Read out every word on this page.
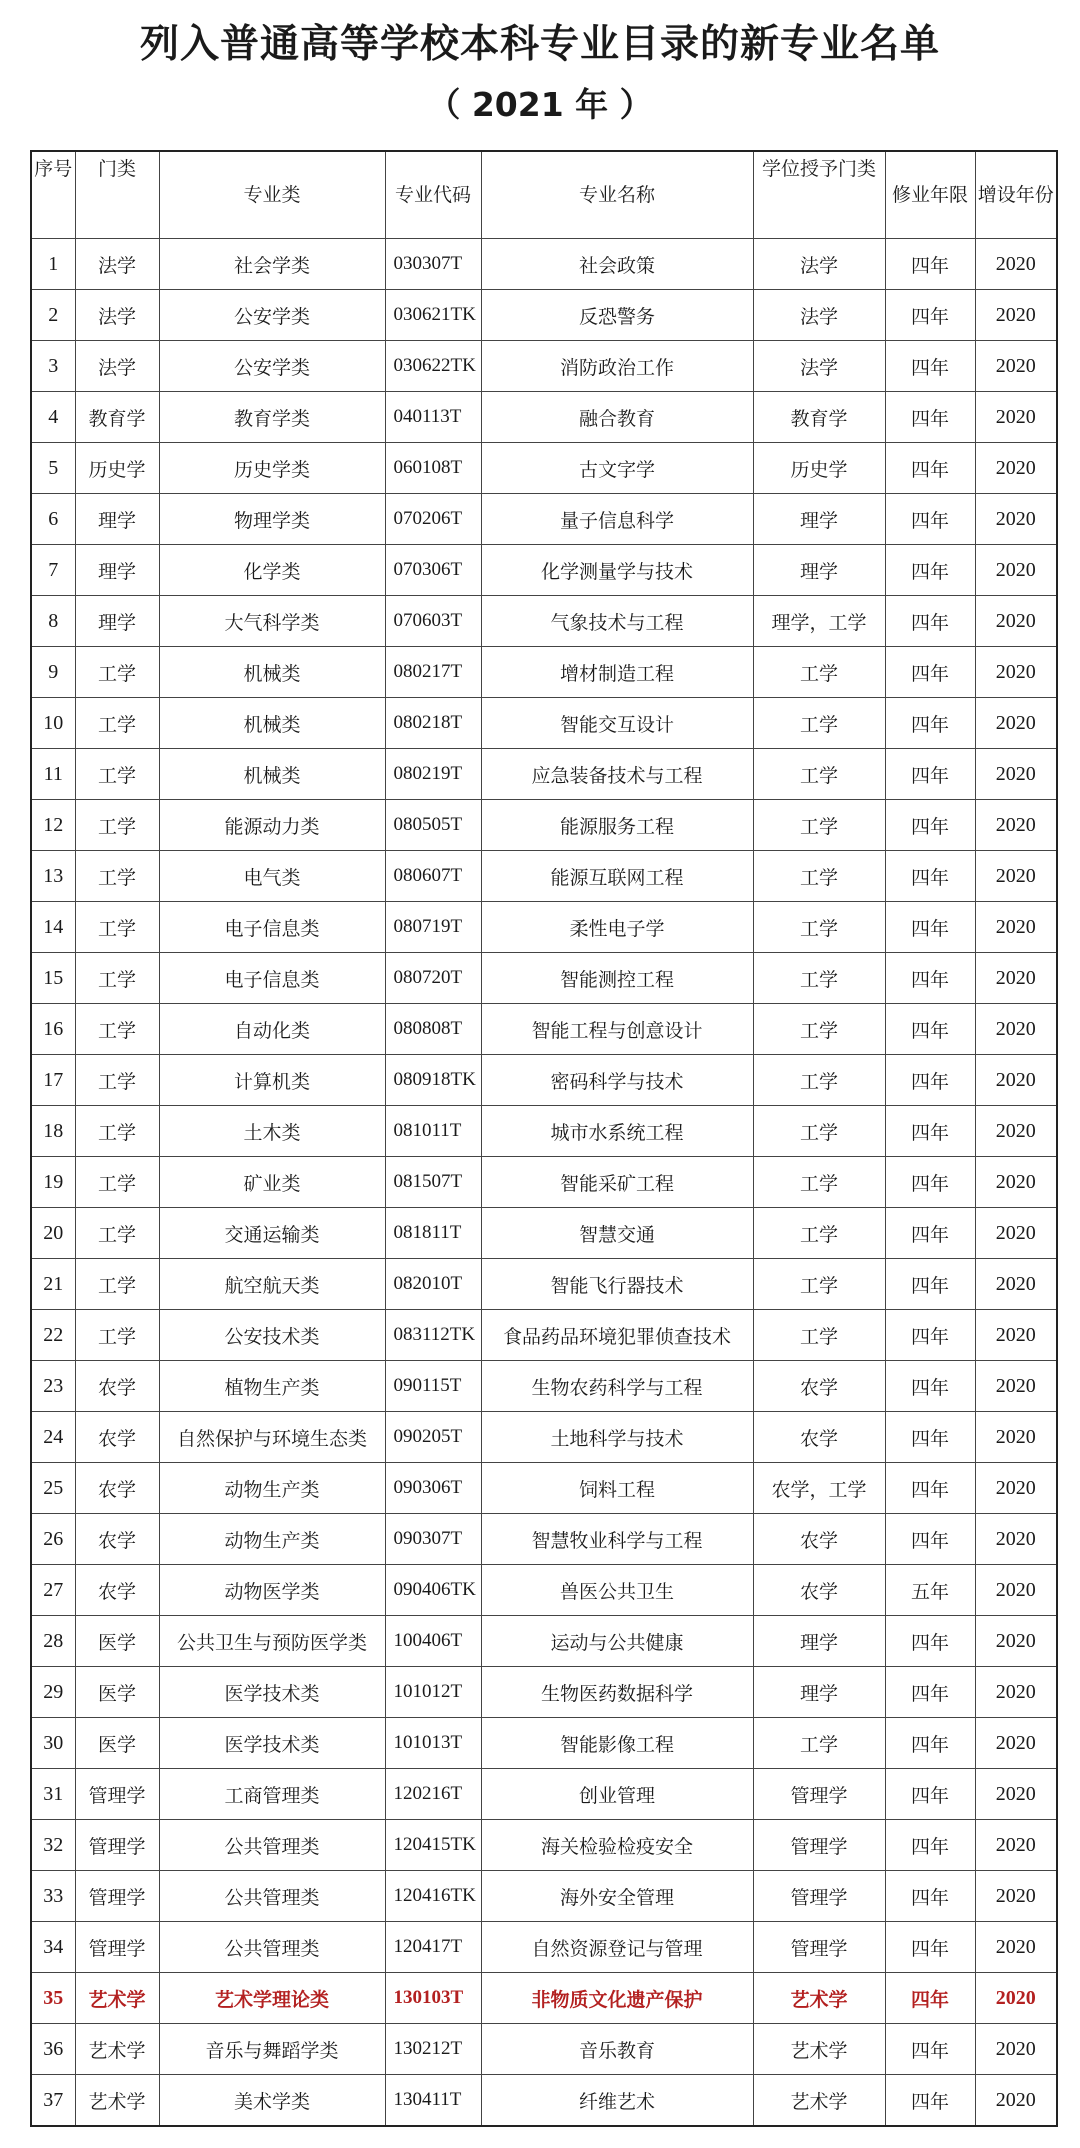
列入普通高等学校本科专业目录的新专业名单
（ 2021 年 ）
序号	门类	专业类	专业代码	专业名称	学位授予门类	修业年限	增设年份
1	法学	社会学类	030307T	社会政策	法学	四年	2020
2	法学	公安学类	030621TK	反恐警务	法学	四年	2020
3	法学	公安学类	030622TK	消防政治工作	法学	四年	2020
4	教育学	教育学类	040113T	融合教育	教育学	四年	2020
5	历史学	历史学类	060108T	古文字学	历史学	四年	2020
6	理学	物理学类	070206T	量子信息科学	理学	四年	2020
7	理学	化学类	070306T	化学测量学与技术	理学	四年	2020
8	理学	大气科学类	070603T	气象技术与工程	理学，工学	四年	2020
9	工学	机械类	080217T	增材制造工程	工学	四年	2020
10	工学	机械类	080218T	智能交互设计	工学	四年	2020
11	工学	机械类	080219T	应急装备技术与工程	工学	四年	2020
12	工学	能源动力类	080505T	能源服务工程	工学	四年	2020
13	工学	电气类	080607T	能源互联网工程	工学	四年	2020
14	工学	电子信息类	080719T	柔性电子学	工学	四年	2020
15	工学	电子信息类	080720T	智能测控工程	工学	四年	2020
16	工学	自动化类	080808T	智能工程与创意设计	工学	四年	2020
17	工学	计算机类	080918TK	密码科学与技术	工学	四年	2020
18	工学	土木类	081011T	城市水系统工程	工学	四年	2020
19	工学	矿业类	081507T	智能采矿工程	工学	四年	2020
20	工学	交通运输类	081811T	智慧交通	工学	四年	2020
21	工学	航空航天类	082010T	智能飞行器技术	工学	四年	2020
22	工学	公安技术类	083112TK	食品药品环境犯罪侦查技术	工学	四年	2020
23	农学	植物生产类	090115T	生物农药科学与工程	农学	四年	2020
24	农学	自然保护与环境生态类	090205T	土地科学与技术	农学	四年	2020
25	农学	动物生产类	090306T	饲料工程	农学，工学	四年	2020
26	农学	动物生产类	090307T	智慧牧业科学与工程	农学	四年	2020
27	农学	动物医学类	090406TK	兽医公共卫生	农学	五年	2020
28	医学	公共卫生与预防医学类	100406T	运动与公共健康	理学	四年	2020
29	医学	医学技术类	101012T	生物医药数据科学	理学	四年	2020
30	医学	医学技术类	101013T	智能影像工程	工学	四年	2020
31	管理学	工商管理类	120216T	创业管理	管理学	四年	2020
32	管理学	公共管理类	120415TK	海关检验检疫安全	管理学	四年	2020
33	管理学	公共管理类	120416TK	海外安全管理	管理学	四年	2020
34	管理学	公共管理类	120417T	自然资源登记与管理	管理学	四年	2020
35	艺术学	艺术学理论类	130103T	非物质文化遗产保护	艺术学	四年	2020
36	艺术学	音乐与舞蹈学类	130212T	音乐教育	艺术学	四年	2020
37	艺术学	美术学类	130411T	纤维艺术	艺术学	四年	2020
